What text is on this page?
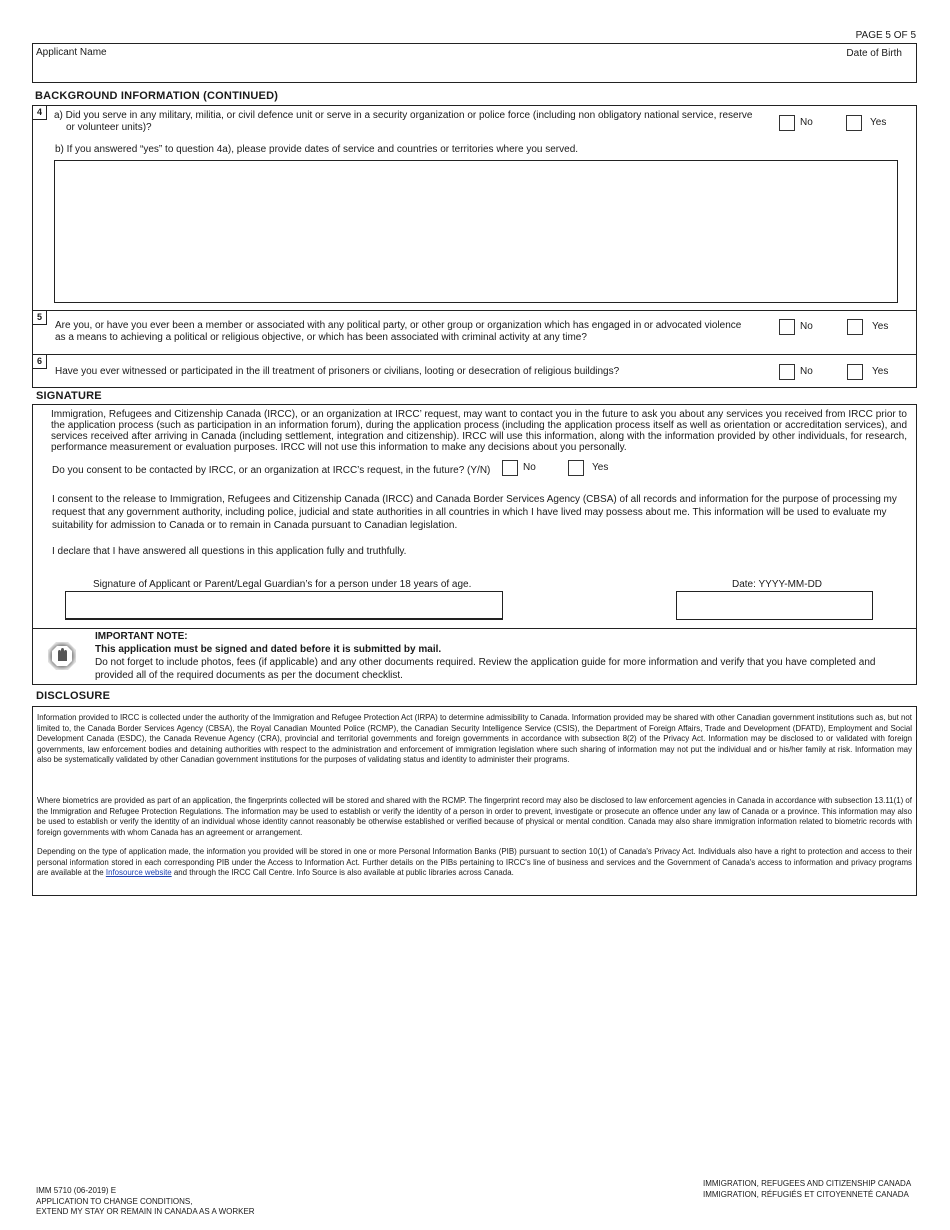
PAGE 5 OF 5
Applicant Name	Date of Birth
BACKGROUND INFORMATION (CONTINUED)
4	a) Did you serve in any military, militia, or civil defence unit or serve in a security organization or police force (including non obligatory national service, reserve
or volunteer units)?	No	Yes
b) If you answered “yes” to question 4a), please provide dates of service and countries or territories where you served.
5
Are you, or have you ever been a member or associated with any political party, or other group or organization which has engaged in or advocated violence
as a means to achieving a political or religious objective, or which has been associated with criminal activity at any time?
No	Yes
6
Have you ever witnessed or participated in the ill treatment of prisoners or civilians, looting or desecration of religious buildings?	No	Yes
SIGNATURE
Immigration, Refugees and Citizenship Canada (IRCC), or an organization at IRCC’ request, may want to contact you in the future to ask you about any services you received from IRCC prior to the application process (such as participation in an information forum), during the application process (including the application process itself as well as orientation or accreditation services), and services received after arriving in Canada (including settlement, integration and citizenship). IRCC will use this information, along with the information provided by other individuals, for research, performance measurement or evaluation purposes. IRCC will not use this information to make any decisions about you personally.
Do you consent to be contacted by IRCC, or an organization at IRCC’s request, in the future? (Y/N)	No	Yes
I consent to the release to Immigration, Refugees and Citizenship Canada (IRCC) and Canada Border Services Agency (CBSA) of all records and information for the purpose of processing my request that any government authority, including police, judicial and state authorities in all countries in which I have lived may possess about me. This information will be used to evaluate my suitability for admission to Canada or to remain in Canada pursuant to Canadian legislation.
I declare that I have answered all questions in this application fully and truthfully.
Signature of Applicant or Parent/Legal Guardian’s for a person under 18 years of age.	Date: YYYY-MM-DD
IMPORTANT NOTE:
This application must be signed and dated before it is submitted by mail.
Do not forget to include photos, fees (if applicable) and any other documents required. Review the application guide for more information and verify that you have completed and provided all of the required documents as per the document checklist.
DISCLOSURE
Information provided to IRCC is collected under the authority of the Immigration and Refugee Protection Act (IRPA) to determine admissibility to Canada. Information provided may be shared with other Canadian government institutions such as, but not limited to, the Canada Border Services Agency (CBSA), the Royal Canadian Mounted Police (RCMP), the Canadian Security Intelligence Service (CSIS), the Department of Foreign Affairs, Trade and Development (DFATD), Employment and Social Development Canada (ESDC), the Canada Revenue Agency (CRA), provincial and territorial governments and foreign governments in accordance with subsection 8(2) of the Privacy Act. Information may be disclosed to or validated with foreign governments, law enforcement bodies and detaining authorities with respect to the administration and enforcement of immigration legislation where such sharing of information may not put the individual and or his/her family at risk. Information may also be systematically validated by other Canadian government institutions for the purposes of validating status and identity to administer their programs.
Where biometrics are provided as part of an application, the fingerprints collected will be stored and shared with the RCMP. The fingerprint record may also be disclosed to law enforcement agencies in Canada in accordance with subsection 13.11(1) of the Immigration and Refugee Protection Regulations. The information may be used to establish or verify the identity of a person in order to prevent, investigate or prosecute an offence under any law of Canada or a province. This information may also be used to establish or verify the identity of an individual whose identity cannot reasonably be otherwise established or verified because of physical or mental condition. Canada may also share immigration information related to biometric records with foreign governments with whom Canada has an agreement or arrangement.
Depending on the type of application made, the information you provided will be stored in one or more Personal Information Banks (PIB) pursuant to section 10(1) of Canada's Privacy Act. Individuals also have a right to protection and access to their personal information stored in each corresponding PIB under the Access to Information Act. Further details on the PIBs pertaining to IRCC's line of business and services and the Government of Canada's access to information and privacy programs are available at the Infosource website and through the IRCC Call Centre. Info Source is also available at public libraries across Canada.
IMM 5710 (06-2019) E
APPLICATION TO CHANGE CONDITIONS,
EXTEND MY STAY OR REMAIN IN CANADA AS A WORKER
IMMIGRATION, REFUGEES AND CITIZENSHIP CANADA
IMMIGRATION, RÉFUGIÉS ET CITOYENNETÉ CANADA
